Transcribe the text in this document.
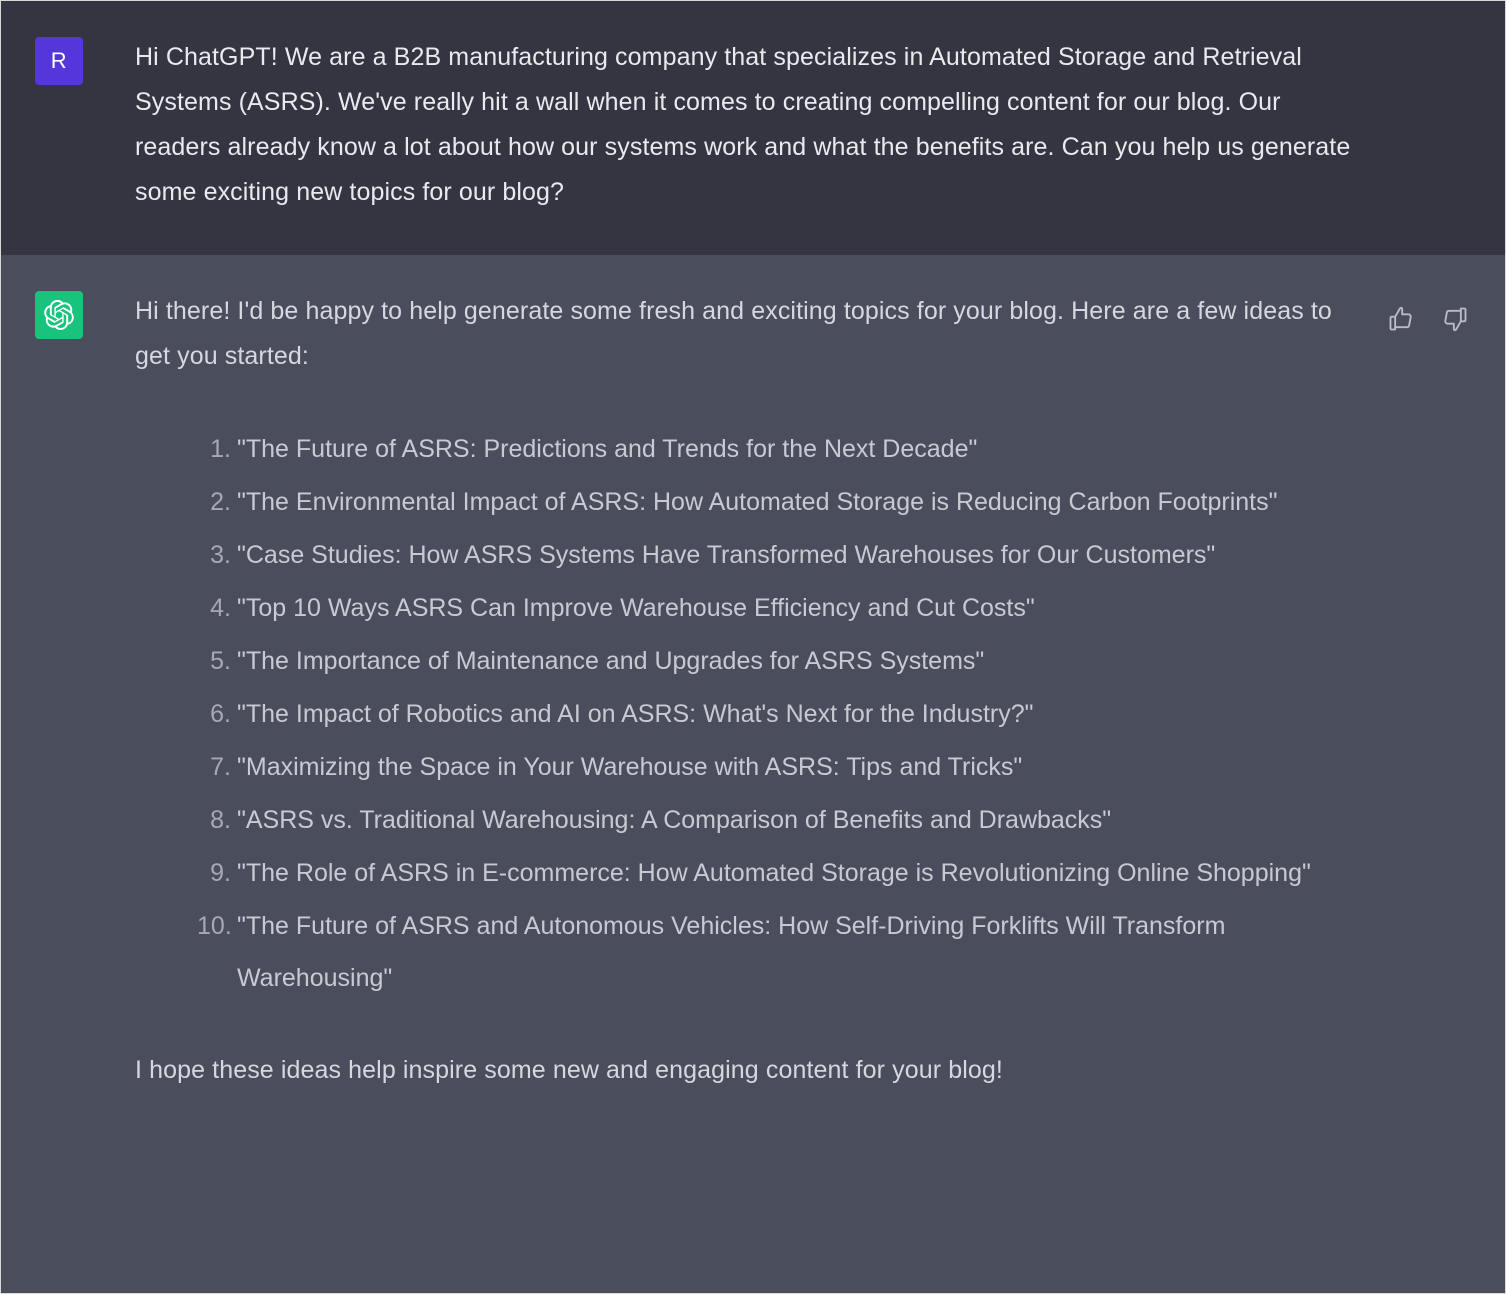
R	Hi ChatGPT! We are a B2B manufacturing company that specializes in Automated Storage and Retrieval Systems (ASRS). We've really hit a wall when it comes to creating compelling content for our blog. Our readers already know a lot about how our systems work and what the benefits are. Can you help us generate some exciting new topics for our blog?

Hi there! I'd be happy to help generate some fresh and exciting topics for your blog. Here are a few ideas to get you started:

"The Future of ASRS: Predictions and Trends for the Next Decade"
"The Environmental Impact of ASRS: How Automated Storage is Reducing Carbon Footprints"
"Case Studies: How ASRS Systems Have Transformed Warehouses for Our Customers"
"Top 10 Ways ASRS Can Improve Warehouse Efficiency and Cut Costs"
"The Importance of Maintenance and Upgrades for ASRS Systems"
"The Impact of Robotics and AI on ASRS: What's Next for the Industry?"
"Maximizing the Space in Your Warehouse with ASRS: Tips and Tricks"
"ASRS vs. Traditional Warehousing: A Comparison of Benefits and Drawbacks"
"The Role of ASRS in E-commerce: How Automated Storage is Revolutionizing Online Shopping"
"The Future of ASRS and Autonomous Vehicles: How Self-Driving Forklifts Will Transform Warehousing"

I hope these ideas help inspire some new and engaging content for your blog!
